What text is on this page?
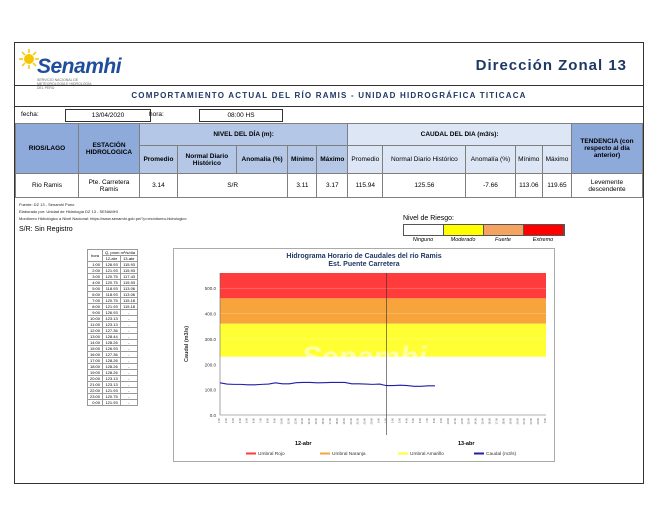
Senamhi
SERVICIO NACIONAL DE METEOROLOGÍA E HIDROLOGÍA DEL PERÚ
Dirección Zonal 13
COMPORTAMIENTO ACTUAL DEL RÍO RAMIS - UNIDAD HIDROGRÁFICA TITICACA
fecha:	13/04/2020	hora:	08:00 HS
RIOS/LAGO	ESTACIÓN HIDROLOGICA	NIVEL DEL DÍA (m):					CAUDAL DEL DIA (m3/s):					TENDENCIA (con respecto al día anterior)
		Promedio	Normal Diario Histórico	Anomalía (%)	Mínimo	Máximo	Promedio	Normal Diario Histórico	Anomalía (%)	Mínimo	Máximo	
Rio Ramis	Pte. Carretera Ramis	3.14	S/R		3.11	3.17	115.94	125.56	-7.66	113.06	119.65	Levemente descendente
Fuente: DZ 13 - Senamhi Puno
Elaborado por: Unidad de Hidrología DZ 13 - SENAMHI
Monitoreo Hidrológico a Nivel Nacional: https://www.senamhi.gob.pe/?p=monitoreo-hidrologico
S/R: Sin Registro
Nivel de Riesgo:
Ninguno	Moderado	Fuerte	Extremo
hora	Q, prom m³/s/día	
	12-abr	13-abr
1:00	126.93	115.93
2:00	121.93	115.93
3:00	120.75	117.43
4:00	120.75	115.93
5:00	118.93	113.06
6:00	118.93	113.06
7:00	120.75	115.18
8:00	121.93	115.18
9:00	126.93	-
10:00	123.13	-
11:00	123.13	-
12:00	127.36	-
13:00	128.44	-
14:00	128.26	-
15:00	126.93	-
16:00	127.36	-
17:00	128.26	-
18:00	128.26	-
19:00	128.26	-
20:00	123.13	-
21:00	123.13	-
22:00	121.93	-
23:00	120.75	-
0:00	121.93	-
Hidrograma Horario de Caudales del río Ramis
Est. Puente Carretera
Senamhi
0.0
100.0
200.0
300.0
400.0
500.0
Caudal (m3/s)
12-abr	13-abr
1:00	2:00	3:00	4:00	5:00	6:00	7:00	8:00	9:00	10:00	11:00	12:00	13:00	14:00	15:00	16:00	17:00	18:00	19:00	20:00	21:00	22:00	23:00	0:00	1:00	2:00	3:00	4:00	5:00	6:00	7:00	8:00	9:00	10:00	11:00	12:00	13:00	14:00	15:00	16:00	17:00	18:00	19:00	20:00	21:00	22:00	23:00	0:00
Umbral Rojo	Umbral Naranja	Umbral Amarillo	Caudal (m3/s)
